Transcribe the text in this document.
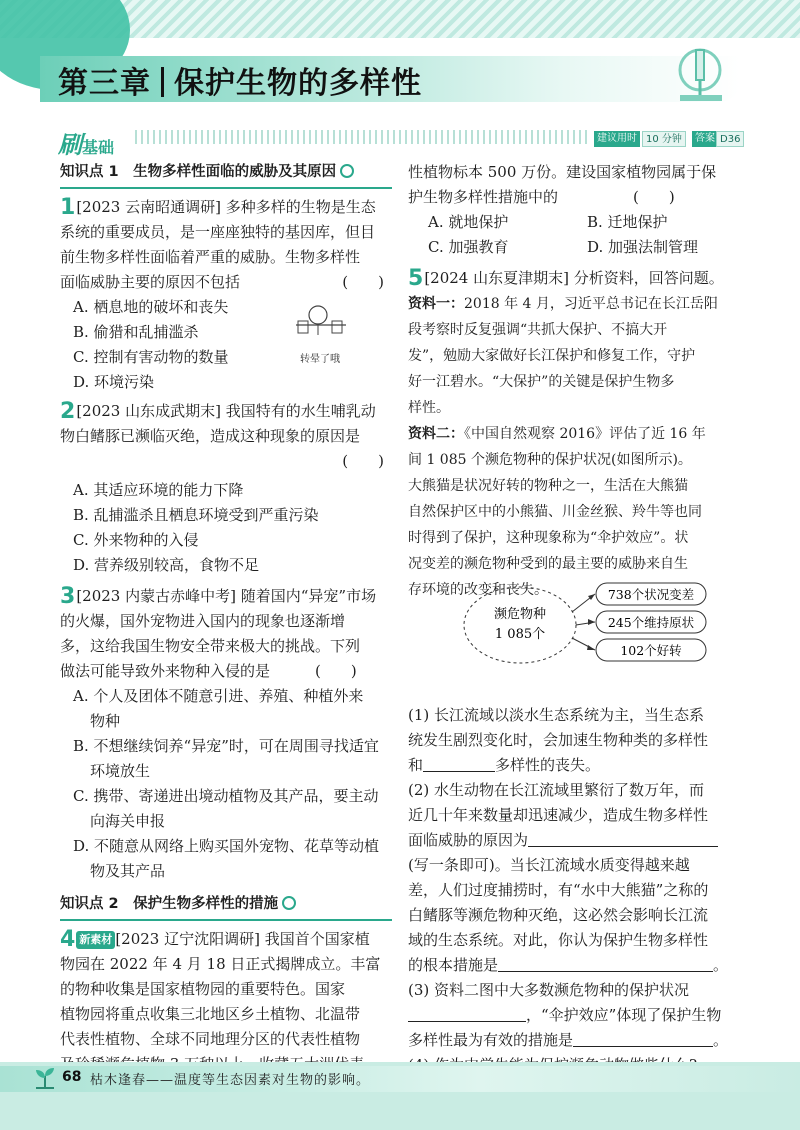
第三章 保护生物的多样性
刷基础	建议用时 10 分钟	答案 D36
知识点 1　生物多样性面临的威胁及其原因
1[2023 云南昭通调研] 多种多样的生物是生态
系统的重要成员，是一座座独特的基因库，但目
前生物多样性面临着严重的威胁。生物多样性
面临威胁主要的原因不包括	(　　)
A. 栖息地的破坏和丧失
B. 偷猎和乱捕滥杀
C. 控制有害动物的数量
D. 环境污染
转晕了哦
2[2023 山东成武期末] 我国特有的水生哺乳动
物白鳍豚已濒临灭绝，造成这种现象的原因是
(　　)
A. 其适应环境的能力下降
B. 乱捕滥杀且栖息环境受到严重污染
C. 外来物种的入侵
D. 营养级别较高，食物不足
3[2023 内蒙古赤峰中考] 随着国内“异宠”市场
的火爆，国外宠物进入国内的现象也逐渐增
多，这给我国生物安全带来极大的挑战。下列
做法可能导致外来物种入侵的是　　　(　　)
A. 个人及团体不随意引进、养殖、种植外来
物种
B. 不想继续饲养“异宠”时，可在周围寻找适宜
环境放生
C. 携带、寄递进出境动植物及其产品，要主动
向海关申报
D. 不随意从网络上购买国外宠物、花草等动植
物及其产品
知识点 2　保护生物多样性的措施
4 新素材 [2023 辽宁沈阳调研] 我国首个国家植
物园在 2022 年 4 月 18 日正式揭牌成立。丰富
的物种收集是国家植物园的重要特色。国家
植物园将重点收集三北地区乡土植物、北温带
代表性植物、全球不同地理分区的代表性植物
性植物标本 500 万份。建设国家植物园属于保
护生物多样性措施中的　　　　　(　　)
A. 就地保护	B. 迁地保护
C. 加强教育	D. 加强法制管理
5[2024 山东夏津期末] 分析资料，回答问题。
资料一：2018 年 4 月，习近平总书记在长江岳阳
段考察时反复强调“共抓大保护、不搞大开
发”，勉励大家做好长江保护和修复工作，守护
好一江碧水。“大保护”的关键是保护生物多
样性。
资料二：《中国自然观察 2016》评估了近 16 年
间 1 085 个濒危物种的保护状况(如图所示)。
大熊猫是状况好转的物种之一，生活在大熊猫
自然保护区中的小熊猫、川金丝猴、羚牛等也同
时得到了保护，这种现象称为“伞护效应”。状
况变差的濒危物种受到的最主要的威胁来自生
存环境的改变和丧失。
(1) 长江流域以淡水生态系统为主，当生态系
统发生剧烈变化时，会加速生物种类的多样性
和	多样性的丧失。
(2) 水生动物在长江流域里繁衍了数万年，而
近几十年来数量却迅速减少，造成生物多样性
面临威胁的原因为
(写一条即可)。当长江流域水质变得越来越
差，人们过度捕捞时，有“水中大熊猫”之称的
白鳍豚等濒危物种灭绝，这必然会影响长江流
域的生态系统。对此，你认为保护生物多样性
的根本措施是	。
(3) 资料二图中大多数濒危物种的保护状况
，“伞护效应”体现了保护生物
多样性最为有效的措施是	。
濒危物种
1 085个
738个状况变差
245个维持原状
102个好转
68 枯木逢春——温度等生态因素对生物的影响。
